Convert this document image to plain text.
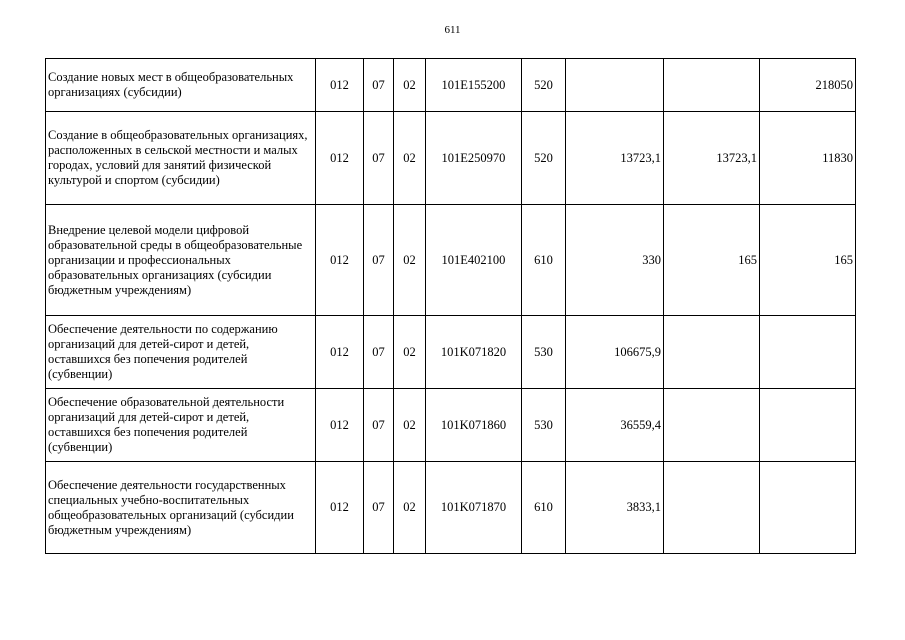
611
Создание новых мест в общеобразовательных организациях (субсидии)	012	07	02	101E155200	520			218050
Создание в общеобразовательных организациях, расположенных в сельской местности и малых городах, условий для занятий физической культурой и спортом (субсидии)	012	07	02	101E250970	520	13723,1	13723,1	11830
Внедрение целевой модели цифровой образовательной среды в общеобразовательные организации и профессиональных образовательных организациях (субсидии бюджетным учреждениям)	012	07	02	101E402100	610	330	165	165
Обеспечение деятельности по содержанию организаций для детей-сирот и детей, оставшихся без попечения родителей (субвенции)	012	07	02	101K071820	530	106675,9		
Обеспечение образовательной деятельности организаций для детей-сирот и детей, оставшихся без попечения родителей (субвенции)	012	07	02	101K071860	530	36559,4		
Обеспечение деятельности государственных специальных учебно-воспитательных общеобразовательных организаций (субсидии бюджетным учреждениям)	012	07	02	101K071870	610	3833,1		
